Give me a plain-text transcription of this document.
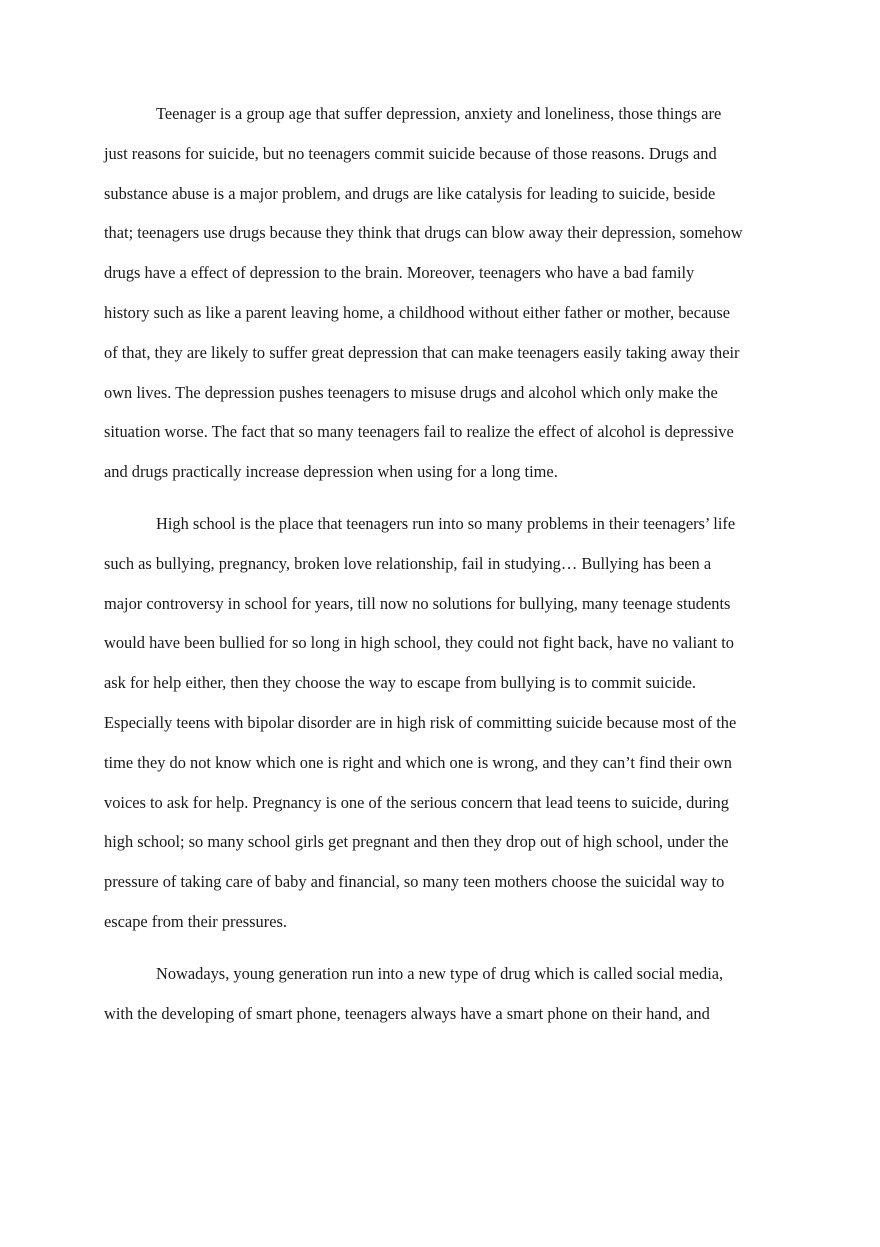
Teenager is a group age that suffer depression, anxiety and loneliness, those things are
just reasons for suicide, but no teenagers commit suicide because of those reasons. Drugs and
substance abuse is a major problem, and drugs are like catalysis for leading to suicide, beside
that; teenagers use drugs because they think that drugs can blow away their depression, somehow
drugs have a effect of depression to the brain. Moreover, teenagers who have a bad family
history such as like a parent leaving home, a childhood without either father or mother, because
of that, they are likely to suffer great depression that can make teenagers easily taking away their
own lives. The depression pushes teenagers to misuse drugs and alcohol which only make the
situation worse. The fact that so many teenagers fail to realize the effect of alcohol is depressive
and drugs practically increase depression when using for a long time.

High school is the place that teenagers run into so many problems in their teenagers’ life
such as bullying, pregnancy, broken love relationship, fail in studying… Bullying has been a
major controversy in school for years, till now no solutions for bullying, many teenage students
would have been bullied for so long in high school, they could not fight back, have no valiant to
ask for help either, then they choose the way to escape from bullying is to commit suicide.
Especially teens with bipolar disorder are in high risk of committing suicide because most of the
time they do not know which one is right and which one is wrong, and they can’t find their own
voices to ask for help. Pregnancy is one of the serious concern that lead teens to suicide, during
high school; so many school girls get pregnant and then they drop out of high school, under the
pressure of taking care of baby and financial, so many teen mothers choose the suicidal way to
escape from their pressures.

Nowadays, young generation run into a new type of drug which is called social media,
with the developing of smart phone, teenagers always have a smart phone on their hand, and
